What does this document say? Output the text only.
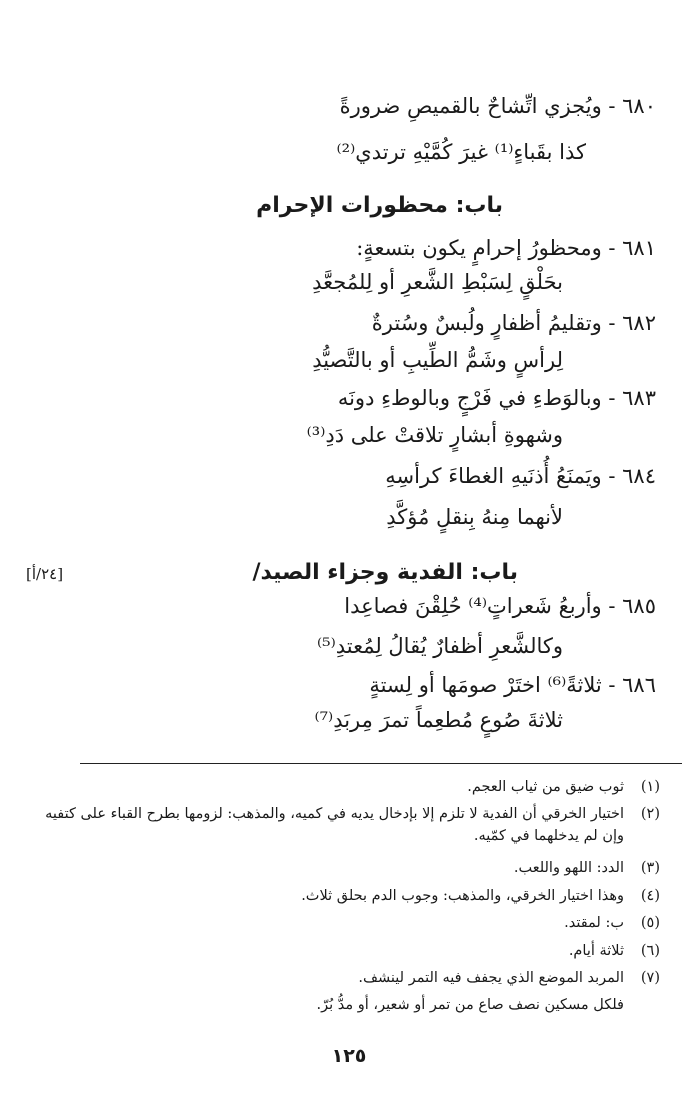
٦٨٠ - ويُجزي اتِّشاحٌ بالقميصِ ضرورةً
كذا بقَباءٍ⁽¹⁾ غيرَ كُمَّيْهِ ترتدي⁽²⁾
باب: محظورات الإحرام
٦٨١ - ومحظورُ إحرامٍ يكون بتسعةٍ:
بحَلْقٍ لِسَبْطِ الشَّعرِ أو لِلمُجعَّدِ
٦٨٢ - وتقليمُ أظفارٍ ولُبسٌ وسُترةٌ
لِرأسٍ وشَمُّ الطِّيبِ أو بالتَّصيُّدِ
٦٨٣ - وبالوَطءِ في فَرْجٍ وبالوطءِ دونَه
وشهوةِ أبشارٍ تلاقتْ على دَدِ⁽³⁾
٦٨٤ - ويَمنَعُ أُذنَيهِ الغطاءَ كرأسِهِ
لأنهما مِنهُ بِنقلٍ مُؤكَّدِ
باب: الفدية وجزاء الصيد/
[٢٤/أ]
٦٨٥ - وأربعُ شَعراتٍ⁽⁴⁾ حُلِقْنَ فصاعِدا
وكالشَّعرِ أظفارٌ يُقالُ لِمُعتدِ⁽⁵⁾
٦٨٦ - ثلاثةً⁽⁶⁾ اختَرْ صومَها أو لِستةٍ
ثلاثةَ صُوعٍ مُطعِماً تمرَ مِربَدِ⁽⁷⁾
(١)
ثوب ضيق من ثياب العجم.
(٢)
اختيار الخرقي أن الفدية لا تلزم إلا بإدخال يديه في كميه، والمذهب: لزومها بطرح القباء على كتفيه وإن لم يدخلهما في كمّيه.
(٣)
الدد: اللهو واللعب.
(٤)
وهذا اختيار الخرقي، والمذهب: وجوب الدم بحلق ثلاث.
(٥)
ب: لمقتد.
(٦)
ثلاثة أيام.
(٧)
المربد الموضع الذي يجفف فيه التمر لينشف.
فلكل مسكين نصف صاع من تمر أو شعير، أو مدُّ بُرّ.
١٢٥
